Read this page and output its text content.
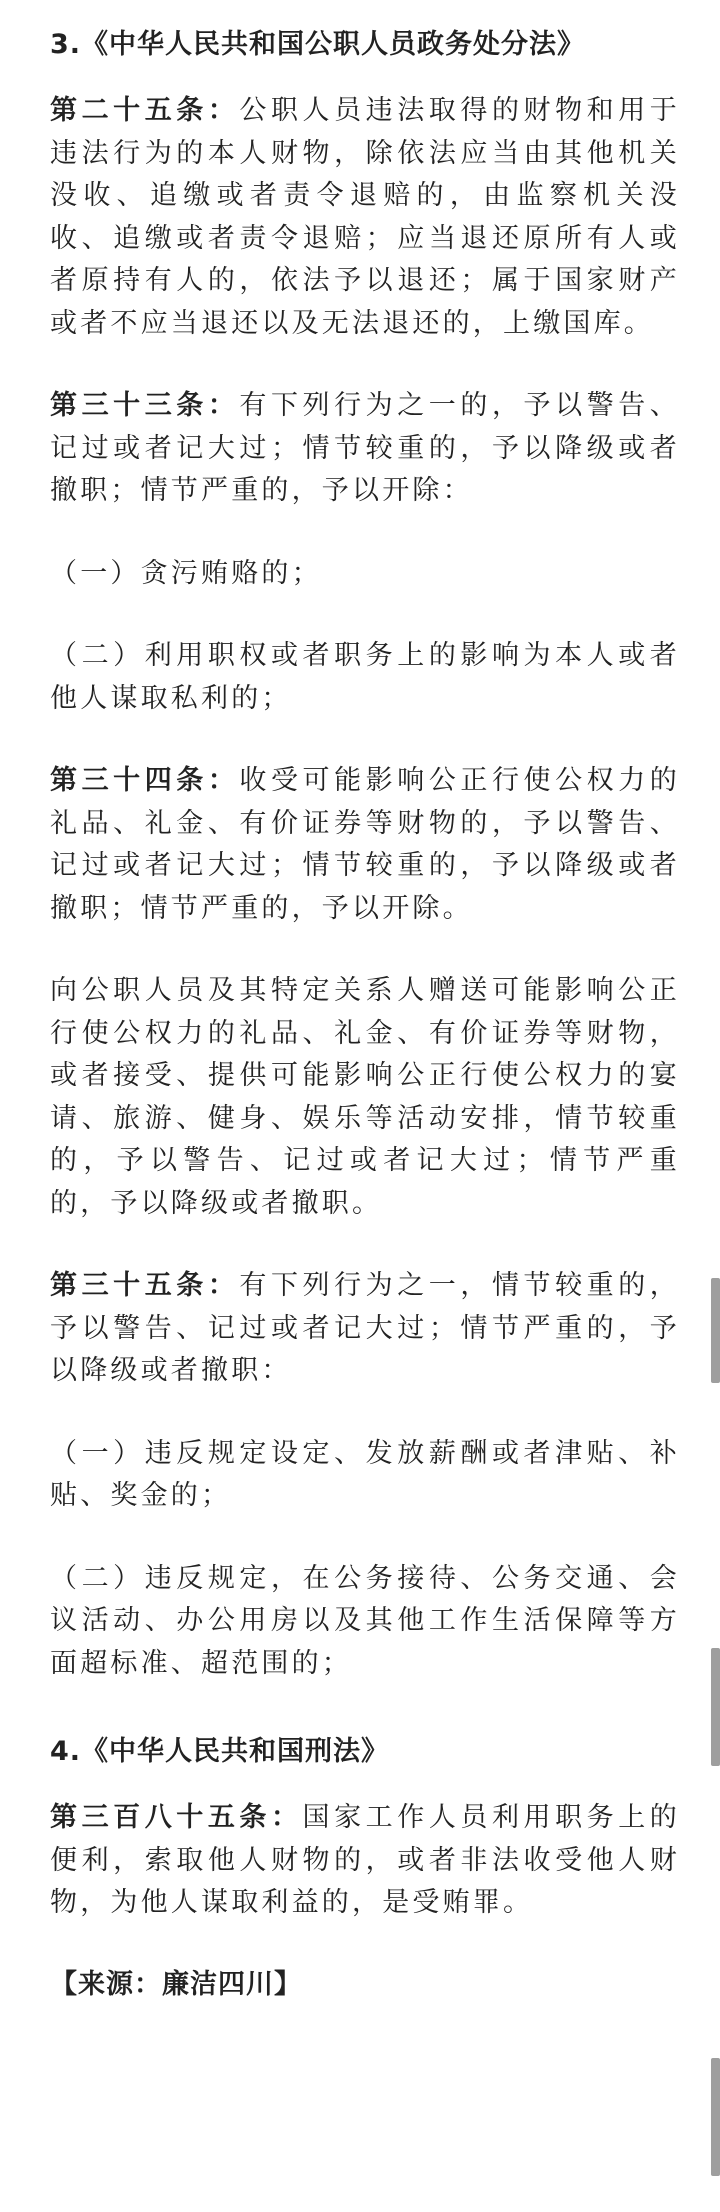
3.《中华人民共和国公职人员政务处分法》

第二十五条：公职人员违法取得的财物和用于违法行为的本人财物，除依法应当由其他机关没收、追缴或者责令退赔的，由监察机关没收、追缴或者责令退赔；应当退还原所有人或者原持有人的，依法予以退还；属于国家财产或者不应当退还以及无法退还的，上缴国库。

第三十三条：有下列行为之一的，予以警告、记过或者记大过；情节较重的，予以降级或者撤职；情节严重的，予以开除：

（一）贪污贿赂的；

（二）利用职权或者职务上的影响为本人或者他人谋取私利的；

第三十四条：收受可能影响公正行使公权力的礼品、礼金、有价证券等财物的，予以警告、记过或者记大过；情节较重的，予以降级或者撤职；情节严重的，予以开除。

向公职人员及其特定关系人赠送可能影响公正行使公权力的礼品、礼金、有价证券等财物，或者接受、提供可能影响公正行使公权力的宴请、旅游、健身、娱乐等活动安排，情节较重的，予以警告、记过或者记大过；情节严重的，予以降级或者撤职。

第三十五条：有下列行为之一，情节较重的，予以警告、记过或者记大过；情节严重的，予以降级或者撤职：

（一）违反规定设定、发放薪酬或者津贴、补贴、奖金的；

（二）违反规定，在公务接待、公务交通、会议活动、办公用房以及其他工作生活保障等方面超标准、超范围的；

4.《中华人民共和国刑法》

第三百八十五条：国家工作人员利用职务上的便利，索取他人财物的，或者非法收受他人财物，为他人谋取利益的，是受贿罪。

【来源：廉洁四川】
